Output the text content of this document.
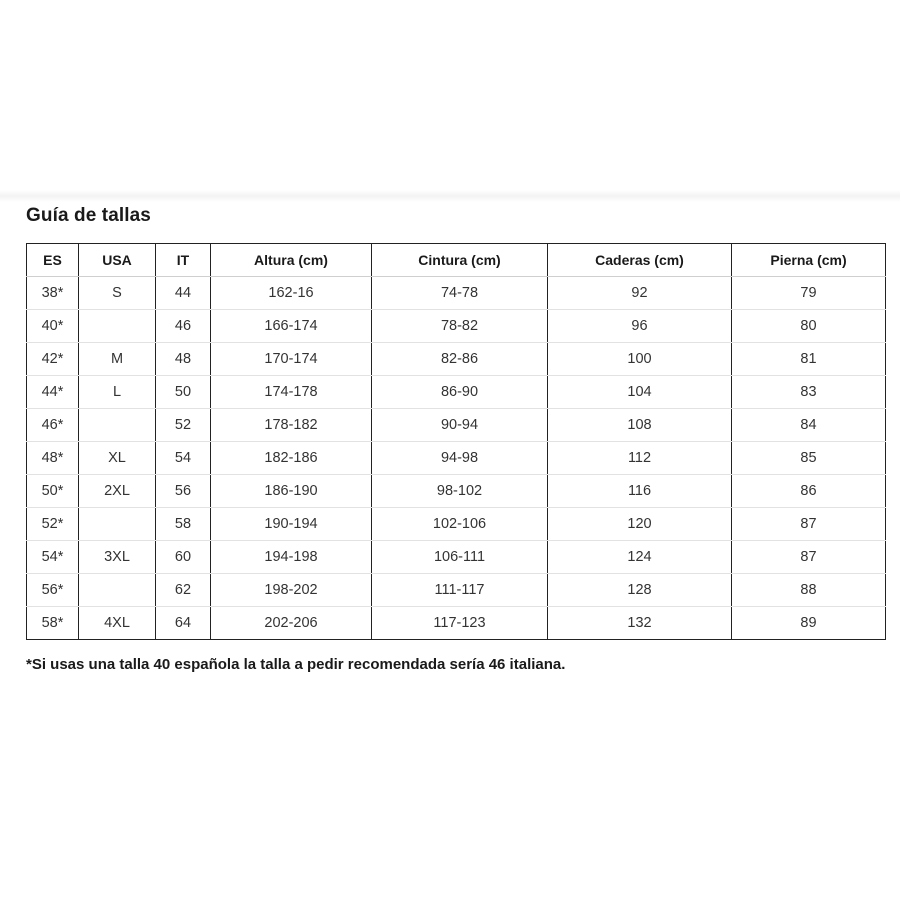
Guía de tallas
ES	USA	IT	Altura (cm)	Cintura (cm)	Caderas (cm)	Pierna (cm)
38*	S	44	162-16	74-78	92	79
40*		46	166-174	78-82	96	80
42*	M	48	170-174	82-86	100	81
44*	L	50	174-178	86-90	104	83
46*		52	178-182	90-94	108	84
48*	XL	54	182-186	94-98	112	85
50*	2XL	56	186-190	98-102	116	86
52*		58	190-194	102-106	120	87
54*	3XL	60	194-198	106-111	124	87
56*		62	198-202	111-117	128	88
58*	4XL	64	202-206	117-123	132	89
*Si usas una talla 40 española la talla a pedir recomendada sería 46 italiana.
